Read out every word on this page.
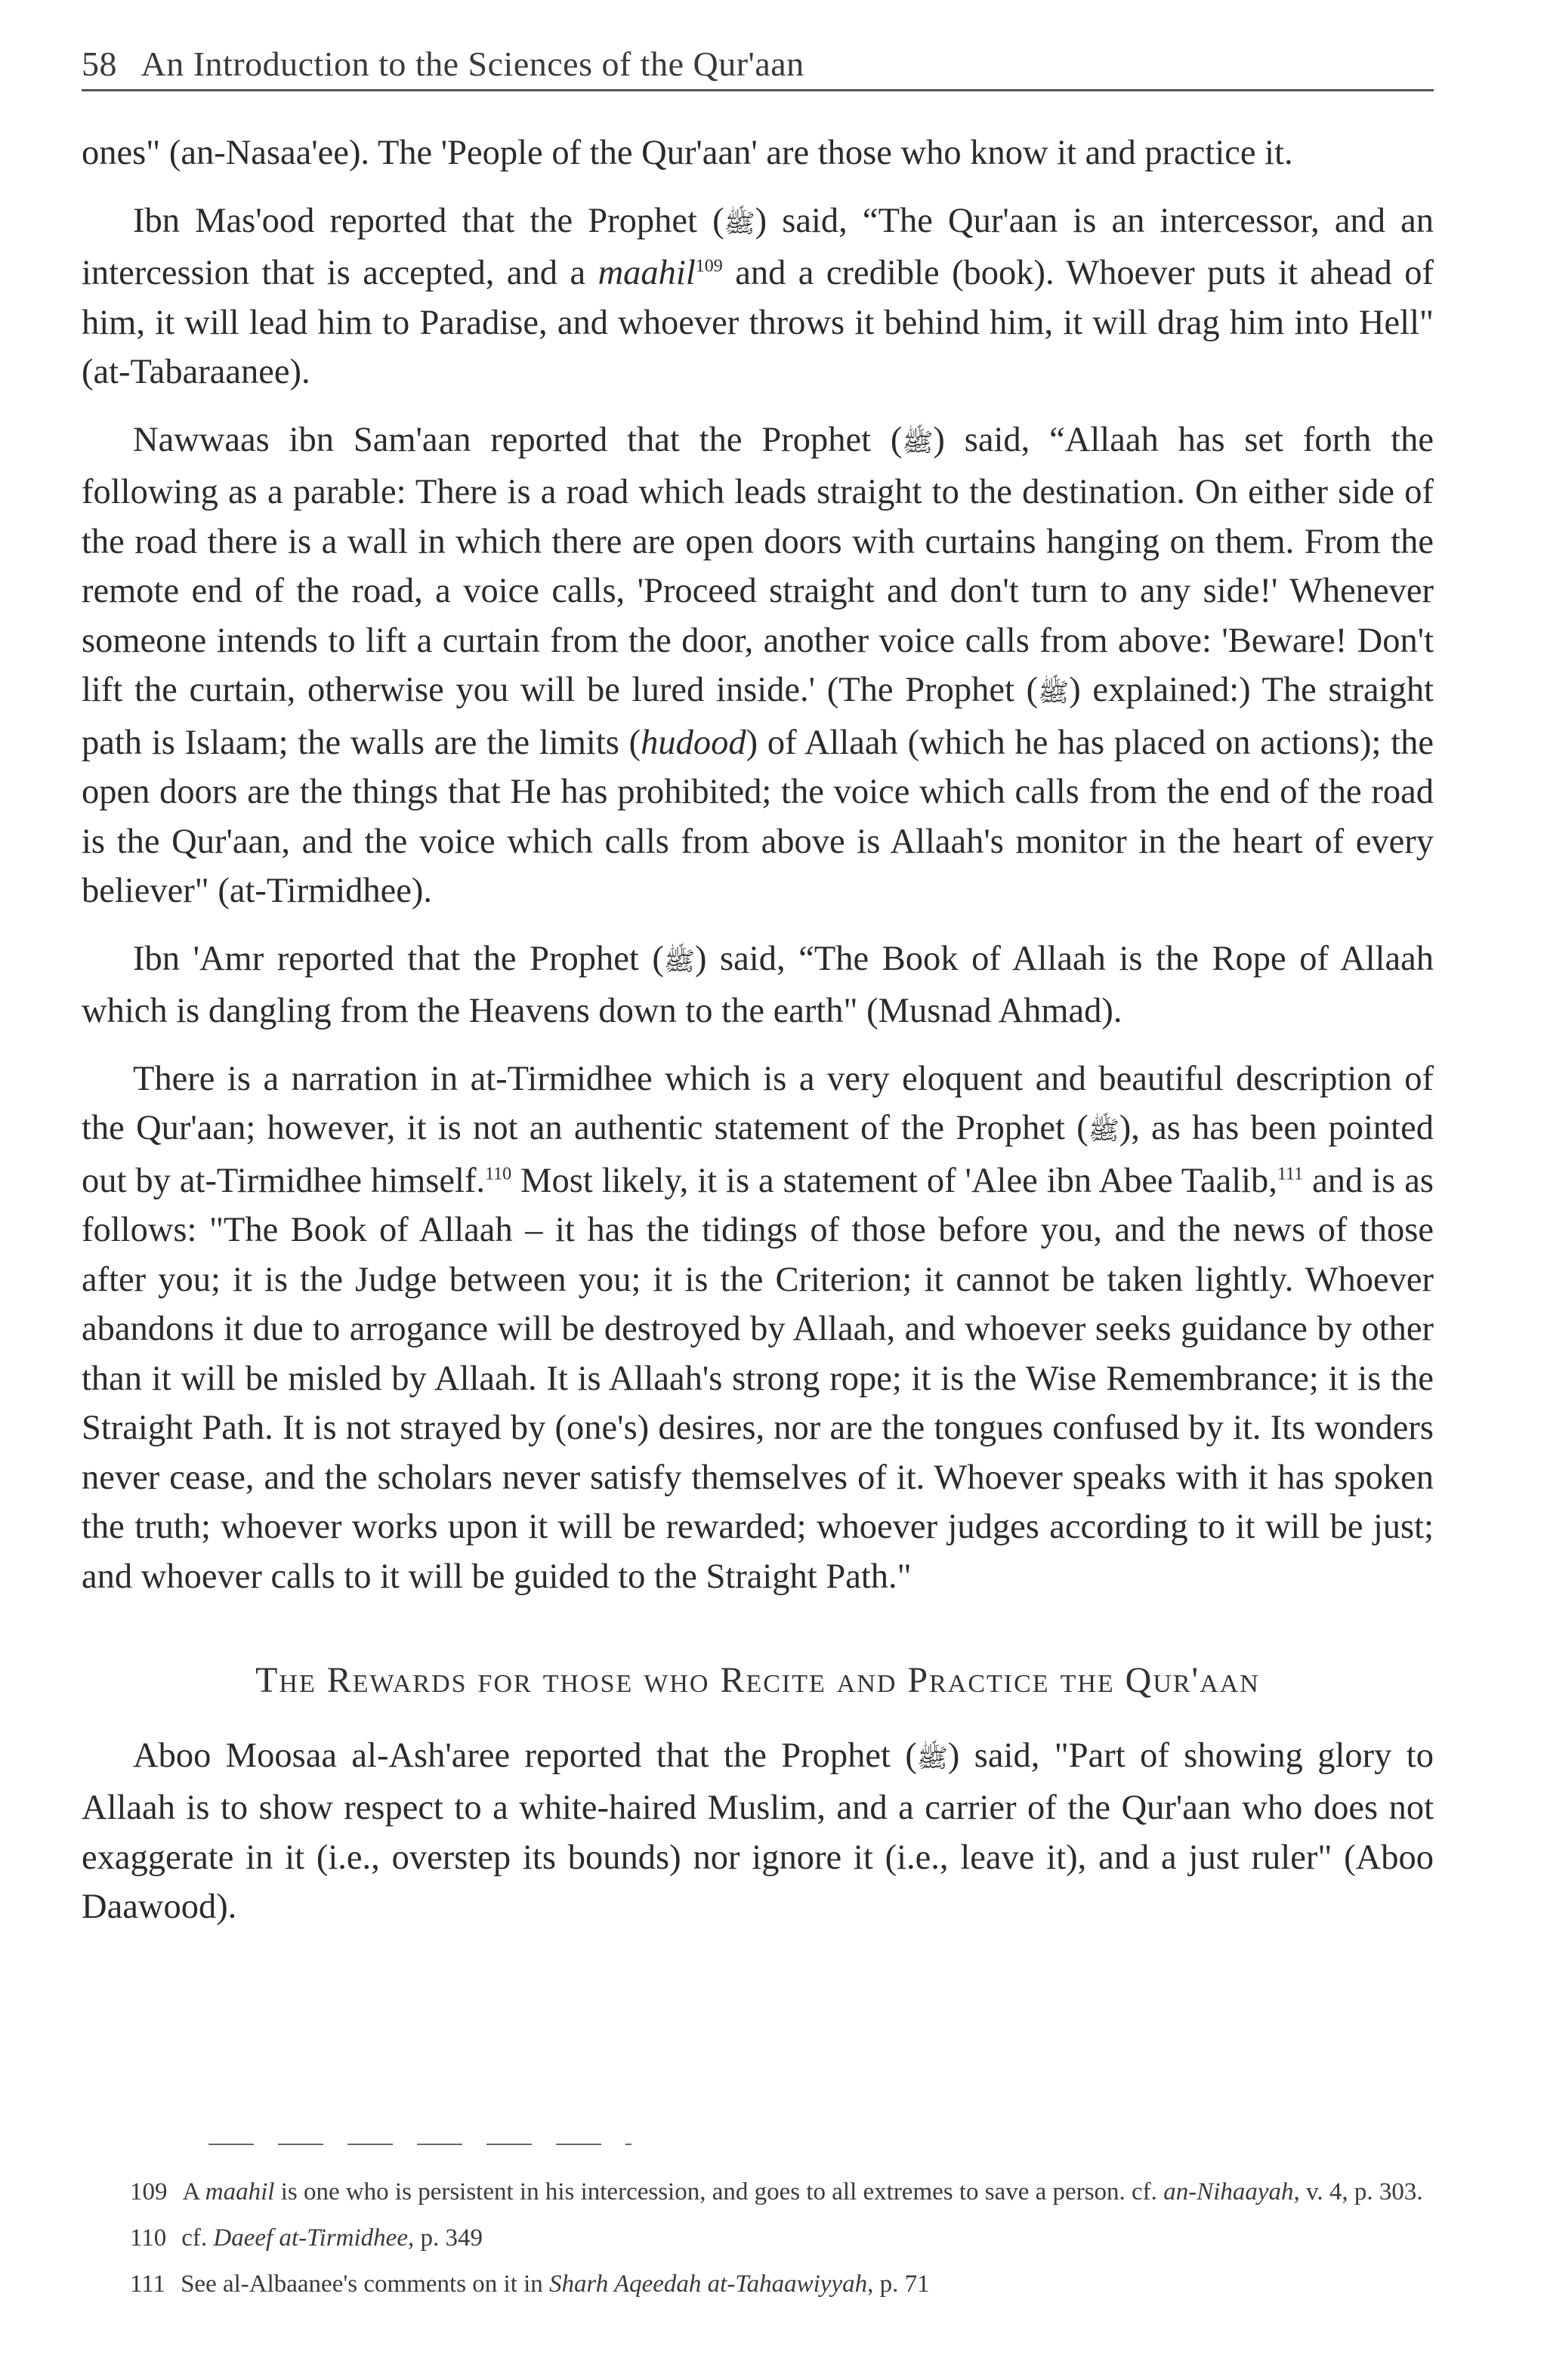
58 An Introduction to the Sciences of the Qur'aan

ones" (an-Nasaa'ee). The 'People of the Qur'aan' are those who know it and practice it.

Ibn Mas'ood reported that the Prophet (ﷺ) said, “The Qur'aan is an intercessor, and an intercession that is accepted, and a maahil$^{109}$ and a credible (book). Whoever puts it ahead of him, it will lead him to Paradise, and whoever throws it behind him, it will drag him into Hell" (at-Tabaraanee).

Nawwaas ibn Sam'aan reported that the Prophet (ﷺ) said, “Allaah has set forth the following as a parable: There is a road which leads straight to the destination. On either side of the road there is a wall in which there are open doors with curtains hanging on them. From the remote end of the road, a voice calls, 'Proceed straight and don't turn to any side!' Whenever someone intends to lift a curtain from the door, another voice calls from above: 'Beware! Don't lift the curtain, otherwise you will be lured inside.' (The Prophet (ﷺ) explained:) The straight path is Islaam; the walls are the limits (hudood) of Allaah (which he has placed on actions); the open doors are the things that He has prohibited; the voice which calls from the end of the road is the Qur'aan, and the voice which calls from above is Allaah's monitor in the heart of every believer" (at-Tirmidhee).

Ibn 'Amr reported that the Prophet (ﷺ) said, “The Book of Allaah is the Rope of Allaah which is dangling from the Heavens down to the earth" (Musnad Ahmad).

There is a narration in at-Tirmidhee which is a very eloquent and beautiful description of the Qur'aan; however, it is not an authentic statement of the Prophet (ﷺ), as has been pointed out by at-Tirmidhee himself.$^{110}$ Most likely, it is a statement of 'Alee ibn Abee Taalib,$^{111}$ and is as follows: "The Book of Allaah – it has the tidings of those before you, and the news of those after you; it is the Judge between you; it is the Criterion; it cannot be taken lightly. Whoever abandons it due to arrogance will be destroyed by Allaah, and whoever seeks guidance by other than it will be misled by Allaah. It is Allaah's strong rope; it is the Wise Remembrance; it is the Straight Path. It is not strayed by (one's) desires, nor are the tongues confused by it. Its wonders never cease, and the scholars never satisfy themselves of it. Whoever speaks with it has spoken the truth; whoever works upon it will be rewarded; whoever judges according to it will be just; and whoever calls to it will be guided to the Straight Path."

The Rewards for those who Recite and Practice the Qur'aan

Aboo Moosaa al-Ash'aree reported that the Prophet (ﷺ) said, "Part of showing glory to Allaah is to show respect to a white-haired Muslim, and a carrier of the Qur'aan who does not exaggerate in it (i.e., overstep its bounds) nor ignore it (i.e., leave it), and a just ruler" (Aboo Daawood).

109 A maahil is one who is persistent in his intercession, and goes to all extremes to save a person. cf. an-Nihaayah, v. 4, p. 303.
110 cf. Daeef at-Tirmidhee, p. 349
111 See al-Albaanee's comments on it in Sharh Aqeedah at-Tahaawiyyah, p. 71
